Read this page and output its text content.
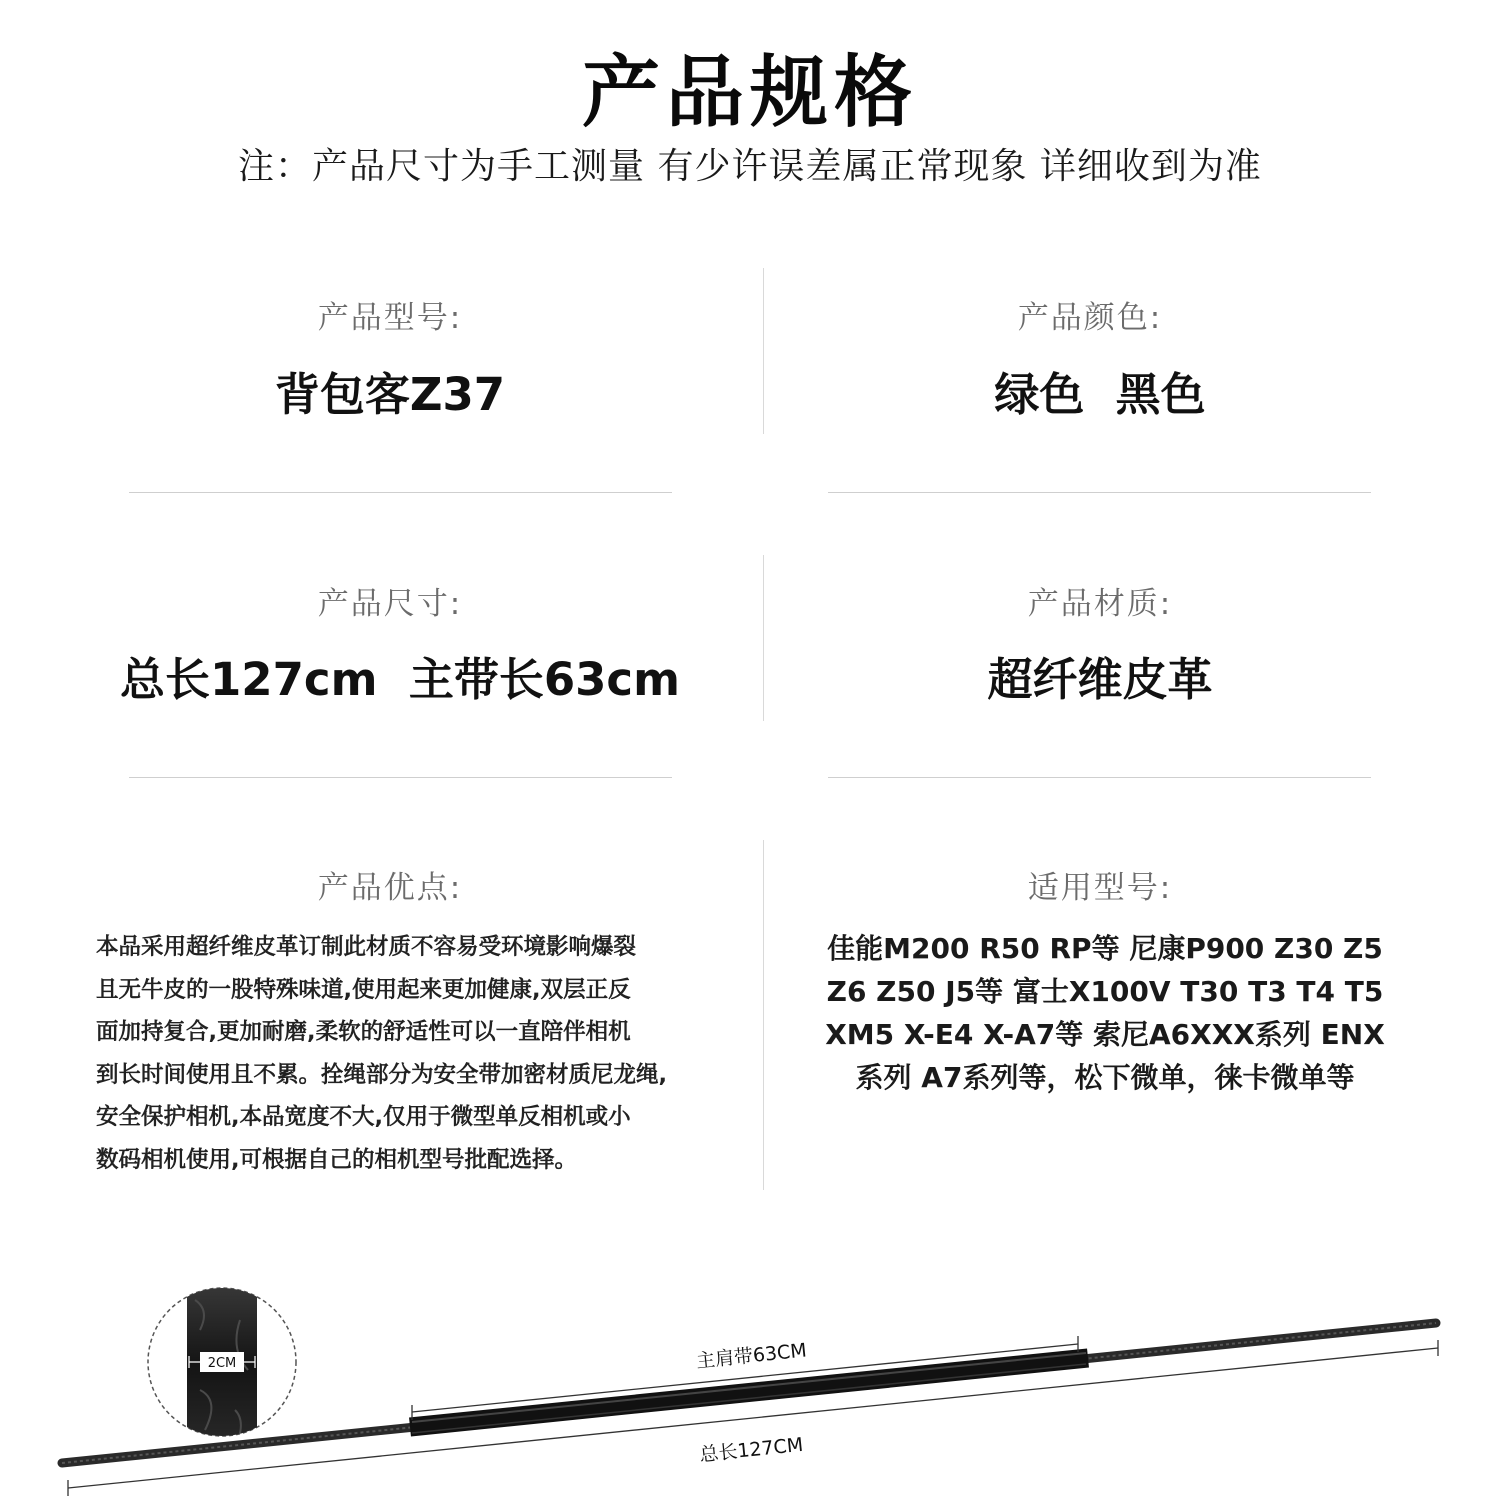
产品规格
注：产品尺寸为手工测量 有少许误差属正常现象 详细收到为准
产品型号:
背包客Z37
产品颜色:
绿色  黑色
产品尺寸:
总长127cm  主带长63cm
产品材质:
超纤维皮革
产品优点:
本品采用超纤维皮革订制此材质不容易受环境影响爆裂
且无牛皮的一股特殊味道,使用起来更加健康,双层正反
面加持复合,更加耐磨,柔软的舒适性可以一直陪伴相机
到长时间使用且不累。拴绳部分为安全带加密材质尼龙绳,
安全保护相机,本品宽度不大,仅用于微型单反相机或小
数码相机使用,可根据自己的相机型号批配选择。
适用型号:
佳能M200 R50 RP等 尼康P900 Z30 Z5
Z6 Z50 J5等 富士X100V T30 T3 T4 T5
XM5 X-E4 X-A7等 索尼A6XXX系列 ENX
系列 A7系列等，松下微单，徕卡微单等
2CM	主肩带63CM
总长127CM
